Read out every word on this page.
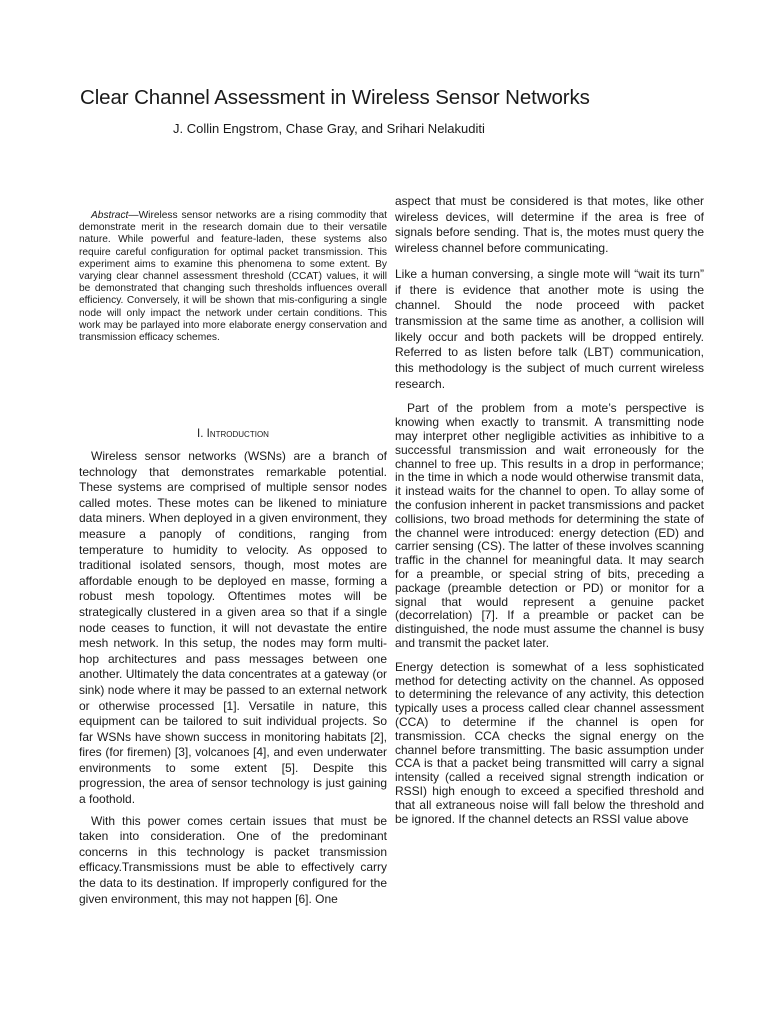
Clear Channel Assessment in Wireless Sensor Networks
J. Collin Engstrom, Chase Gray, and Srihari Nelakuditi

Abstract—Wireless sensor networks are a rising commodity that demonstrate merit in the research domain due to their versatile nature. While powerful and feature-laden, these systems also require careful configuration for optimal packet transmission. This experiment aims to examine this phenomena to some extent. By varying clear channel assessment threshold (CCAT) values, it will be demonstrated that changing such thresholds influences overall efficiency. Conversely, it will be shown that mis-configuring a single node will only impact the network under certain conditions. This work may be parlayed into more elaborate energy conservation and transmission efficacy schemes.

I. Introduction

Wireless sensor networks (WSNs) are a branch of technology that demonstrates remarkable potential. These systems are comprised of multiple sensor nodes called motes. These motes can be likened to miniature data miners. When deployed in a given environment, they measure a panoply of conditions, ranging from temperature to humidity to velocity. As opposed to traditional isolated sensors, though, most motes are affordable enough to be deployed en masse, forming a robust mesh topology. Oftentimes motes will be strategically clustered in a given area so that if a single node ceases to function, it will not devastate the entire mesh network. In this setup, the nodes may form multi-hop architectures and pass messages between one another. Ultimately the data concentrates at a gateway (or sink) node where it may be passed to an external network or otherwise processed [1]. Versatile in nature, this equipment can be tailored to suit individual projects. So far WSNs have shown success in monitoring habitats [2], fires (for firemen) [3], volcanoes [4], and even underwater environments to some extent [5]. Despite this progression, the area of sensor technology is just gaining a foothold.

With this power comes certain issues that must be taken into consideration. One of the predominant concerns in this technology is packet transmission efficacy.Transmissions must be able to effectively carry the data to its destination. If improperly configured for the given environment, this may not happen [6]. One

aspect that must be considered is that motes, like other wireless devices, will determine if the area is free of signals before sending. That is, the motes must query the wireless channel before communicating.

Like a human conversing, a single mote will “wait its turn” if there is evidence that another mote is using the channel. Should the node proceed with packet transmission at the same time as another, a collision will likely occur and both packets will be dropped entirely. Referred to as listen before talk (LBT) communication, this methodology is the subject of much current wireless research.

Part of the problem from a mote’s perspective is knowing when exactly to transmit. A transmitting node may interpret other negligible activities as inhibitive to a successful transmission and wait erroneously for the channel to free up. This results in a drop in performance; in the time in which a node would otherwise transmit data, it instead waits for the channel to open. To allay some of the confusion inherent in packet transmissions and packet collisions, two broad methods for determining the state of the channel were introduced: energy detection (ED) and carrier sensing (CS). The latter of these involves scanning traffic in the channel for meaningful data. It may search for a preamble, or special string of bits, preceding a package (preamble detection or PD) or monitor for a signal that would represent a genuine packet (decorrelation) [7]. If a preamble or packet can be distinguished, the node must assume the channel is busy and transmit the packet later.

Energy detection is somewhat of a less sophisticated method for detecting activity on the channel. As opposed to determining the relevance of any activity, this detection typically uses a process called clear channel assessment (CCA) to determine if the channel is open for transmission. CCA checks the signal energy on the channel before transmitting. The basic assumption under CCA is that a packet being transmitted will carry a signal intensity (called a received signal strength indication or RSSI) high enough to exceed a specified threshold and that all extraneous noise will fall below the threshold and be ignored. If the channel detects an RSSI value above
